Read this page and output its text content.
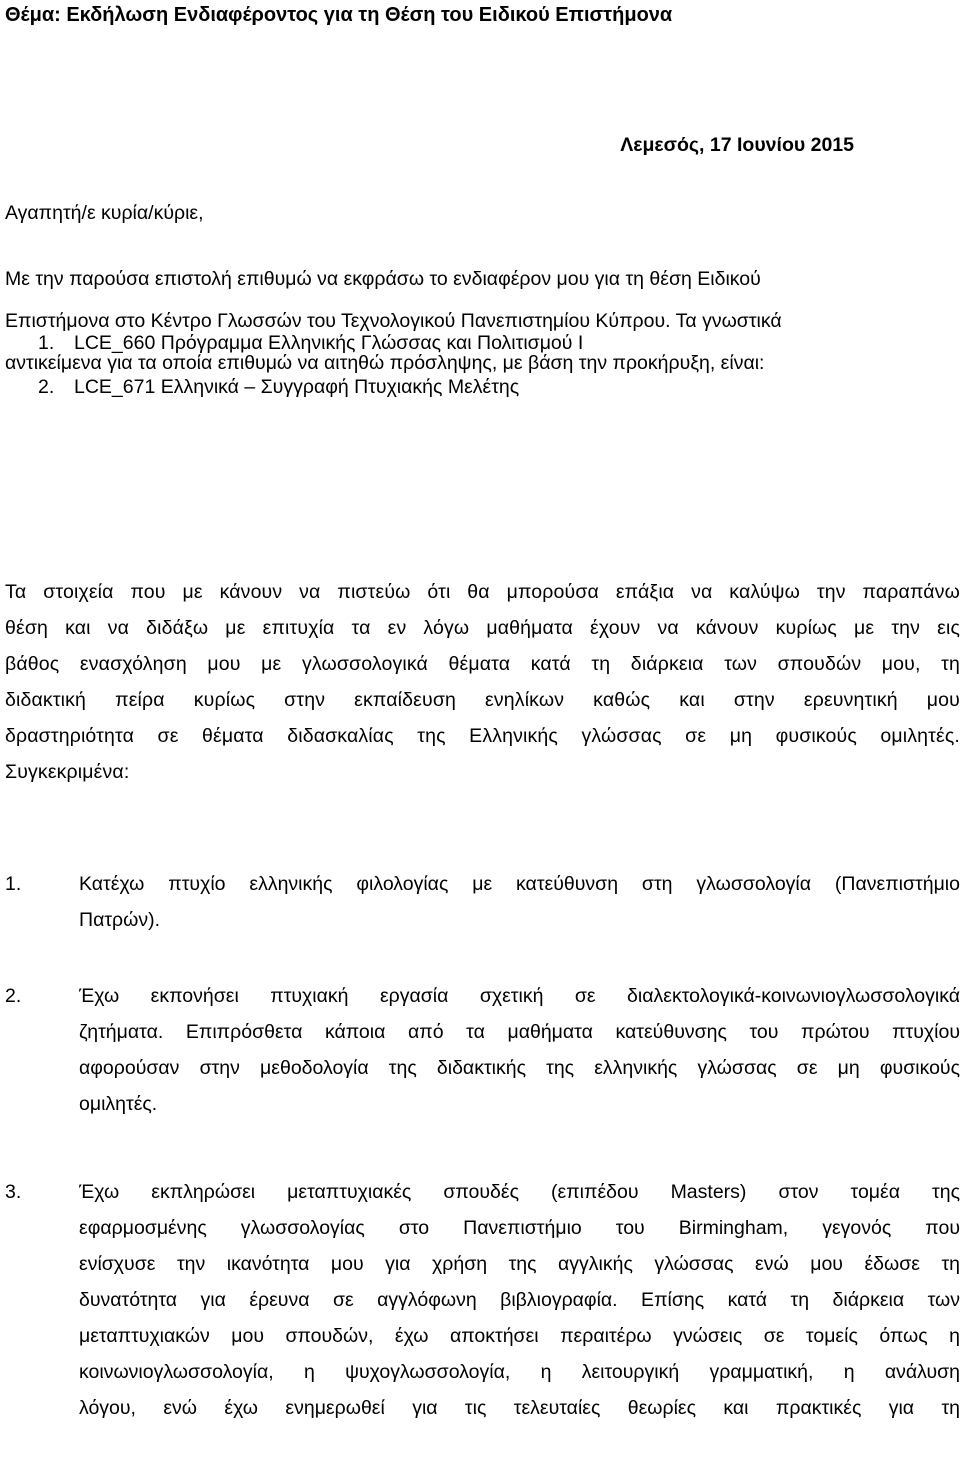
Θέμα: Εκδήλωση Ενδιαφέροντος για τη Θέση του Ειδικού Επιστήμονα
Λεμεσός, 17 Ιουνίου 2015
Αγαπητή/ε κυρία/κύριε,

Με την παρούσα επιστολή επιθυμώ να εκφράσω το ενδιαφέρον μου για τη θέση Ειδικού
Επιστήμονα στο Κέντρο Γλωσσών του Τεχνολογικού Πανεπιστημίου Κύπρου. Τα γνωστικά
αντικείμενα για τα οποία επιθυμώ να αιτηθώ πρόσληψης, με βάση την προκήρυξη, είναι:

1. LCE_660 Πρόγραμμα Ελληνικής Γλώσσας και Πολιτισμού Ι
2. LCE_671 Ελληνικά – Συγγραφή Πτυχιακής Μελέτης

Τα στοιχεία που με κάνουν να πιστεύω ότι θα μπορούσα επάξια να καλύψω την παραπάνω
θέση και να διδάξω με επιτυχία τα εν λόγω μαθήματα έχουν να κάνουν κυρίως με την εις
βάθος ενασχόληση μου με γλωσσολογικά θέματα κατά τη διάρκεια των σπουδών μου, τη
διδακτική πείρα κυρίως στην εκπαίδευση ενηλίκων καθώς και στην ερευνητική μου
δραστηριότητα σε θέματα διδασκαλίας της Ελληνικής γλώσσας σε μη φυσικούς ομιλητές.
Συγκεκριμένα:

1.	Κατέχω πτυχίο ελληνικής φιλολογίας με κατεύθυνση στη γλωσσολογία (Πανεπιστήμιο
Πατρών).
2.	Έχω εκπονήσει πτυχιακή εργασία σχετική σε διαλεκτολογικά-κοινωνιογλωσσολογικά
ζητήματα. Επιπρόσθετα κάποια από τα μαθήματα κατεύθυνσης του πρώτου πτυχίου
αφορούσαν στην μεθοδολογία της διδακτικής της ελληνικής γλώσσας σε μη φυσικούς
ομιλητές.
3.	Έχω εκπληρώσει μεταπτυχιακές σπουδές (επιπέδου Masters) στον τομέα της
εφαρμοσμένης γλωσσολογίας στο Πανεπιστήμιο του Birmingham, γεγονός που
ενίσχυσε την ικανότητα μου για χρήση της αγγλικής γλώσσας ενώ μου έδωσε τη
δυνατότητα για έρευνα σε αγγλόφωνη βιβλιογραφία. Επίσης κατά τη διάρκεια των
μεταπτυχιακών μου σπουδών, έχω αποκτήσει περαιτέρω γνώσεις σε τομείς όπως η
κοινωνιογλωσσολογία, η ψυχογλωσσολογία, η λειτουργική γραμματική, η ανάλυση
λόγου, ενώ έχω ενημερωθεί για τις τελευταίες θεωρίες και πρακτικές για τη
